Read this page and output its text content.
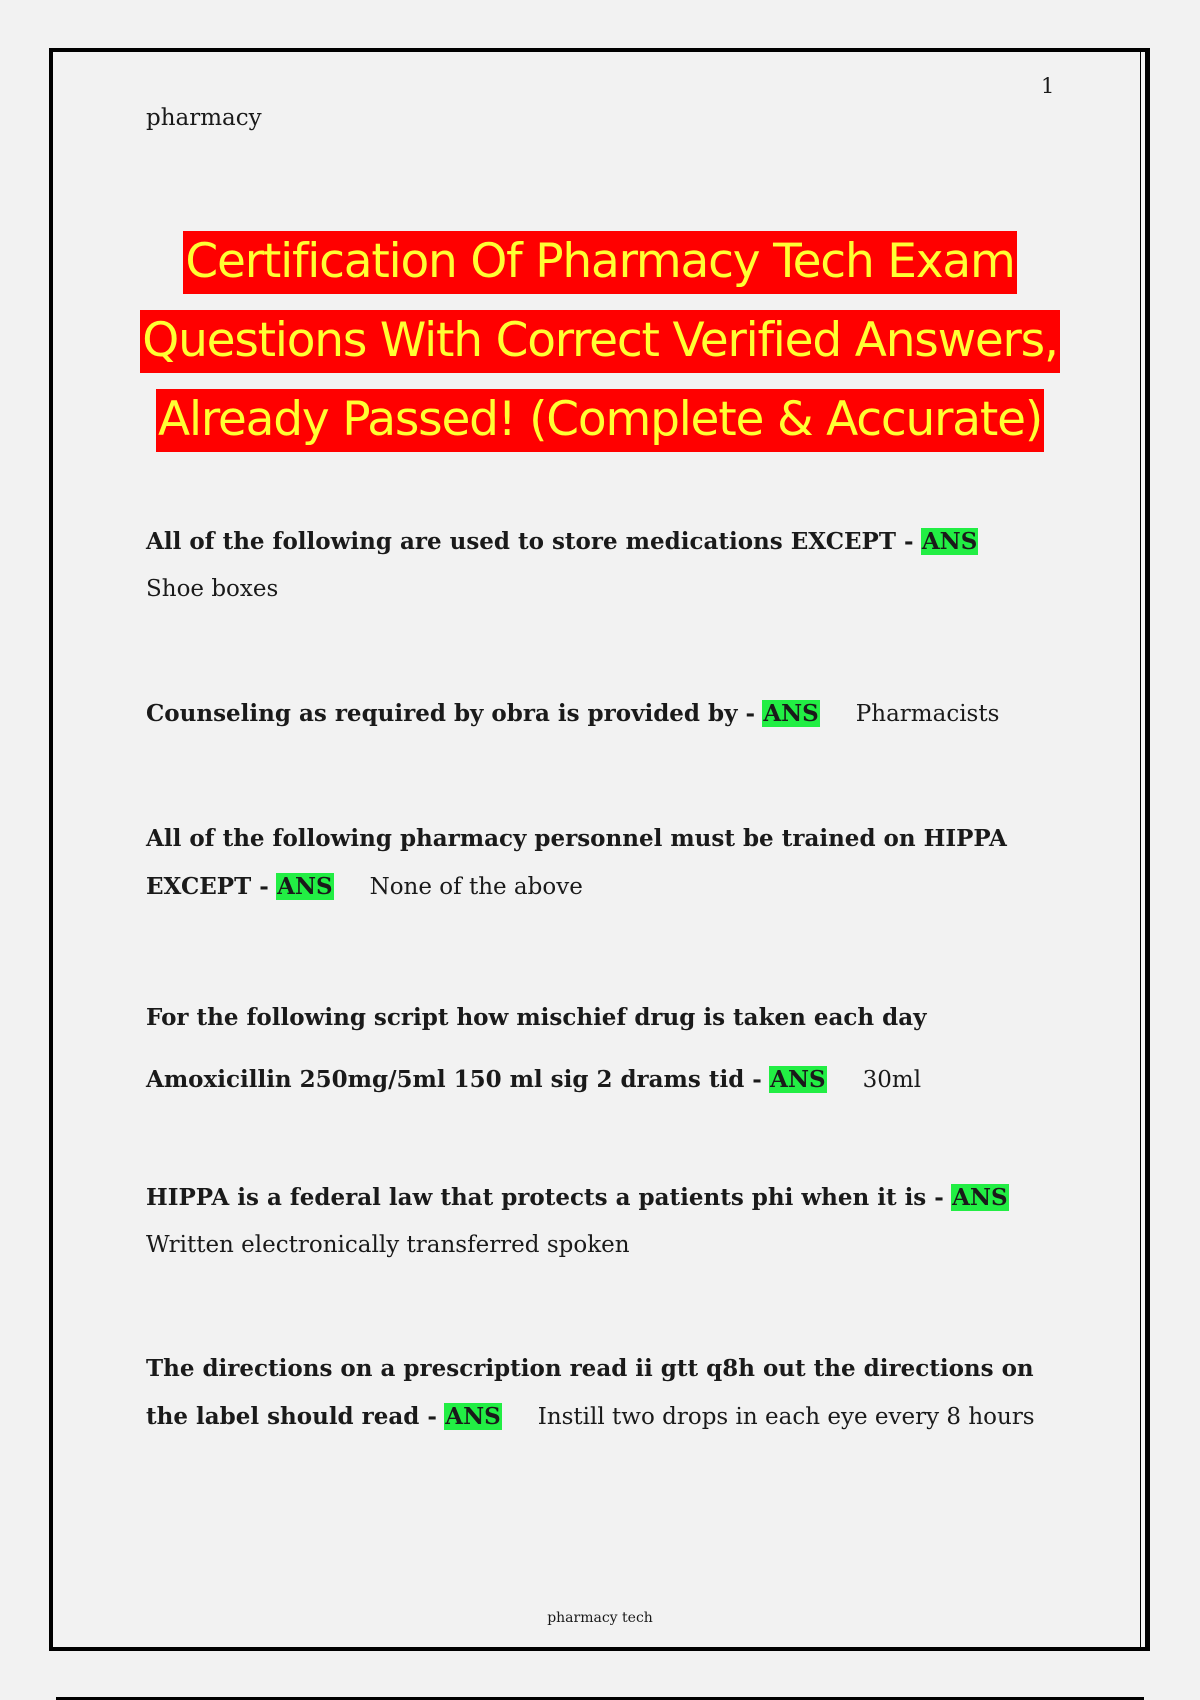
1
pharmacy
Certification Of Pharmacy Tech Exam
Questions With Correct Verified Answers,
Already Passed! (Complete & Accurate)
All of the following are used to store medications EXCEPT - ANSShoe boxes
Counseling as required by obra is provided by - ANS Pharmacists
All of the following pharmacy personnel must be trained on HIPPA EXCEPT - ANS None of the above
For the following script how mischief drug is taken each day
Amoxicillin 250mg/5ml 150 ml sig 2 drams tid - ANS 30ml
HIPPA is a federal law that protects a patients phi when it is - ANSWritten electronically transferred spoken
The directions on a prescription read ii gtt q8h out the directions on the label should read - ANS Instill two drops in each eye every 8 hours
pharmacy tech
